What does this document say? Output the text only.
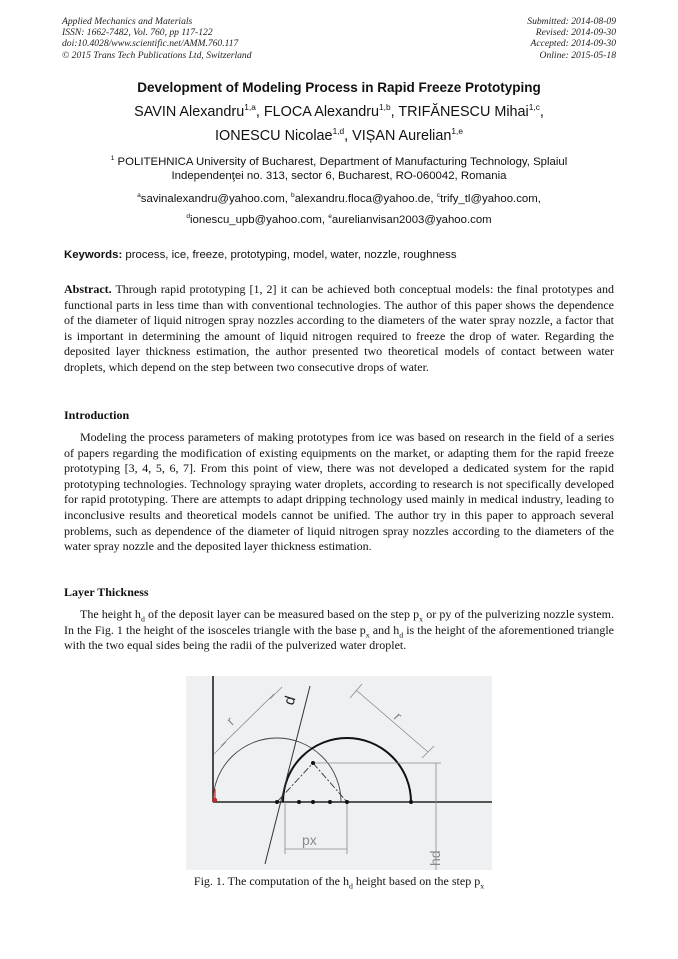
Applied Mechanics and Materials
ISSN: 1662-7482, Vol. 760, pp 117-122
doi:10.4028/www.scientific.net/AMM.760.117
© 2015 Trans Tech Publications Ltd, Switzerland
Submitted: 2014-08-09
Revised: 2014-09-30
Accepted: 2014-09-30
Online: 2015-05-18
Development of Modeling Process in Rapid Freeze Prototyping
SAVIN Alexandru$^{1,a}$, FLOCA Alexandru$^{1,b}$, TRIFĂNESCU Mihai$^{1,c}$,
IONESCU Nicolae$^{1,d}$, VIȘAN Aurelian$^{1,e}$
$^1$ POLITEHNICA University of Bucharest, Department of Manufacturing Technology, Splaiul Independenţei no. 313, sector 6, Bucharest, RO-060042, Romania
$^a$savinalexandru@yahoo.com, $^b$alexandru.floca@yahoo.de, $^c$trify_tl@yahoo.com,
$^d$ionescu_upb@yahoo.com, $^e$aurelianvisan2003@yahoo.com
Keywords: process, ice, freeze, prototyping, model, water, nozzle, roughness
Abstract. Through rapid prototyping [1, 2] it can be achieved both conceptual models: the final prototypes and functional parts in less time than with conventional technologies. The author of this paper shows the dependence of the diameter of liquid nitrogen spray nozzles according to the diameters of the water spray nozzle, a factor that is important in determining the amount of liquid nitrogen required to freeze the drop of water. Regarding the deposited layer thickness estimation, the author presented two theoretical models of contact between water droplets, which depend on the step between two consecutive drops of water.
Introduction
Modeling the process parameters of making prototypes from ice was based on research in the field of a series of papers regarding the modification of existing equipments on the market, or adapting them for the rapid freeze prototyping [3, 4, 5, 6, 7]. From this point of view, there was not developed a dedicated system for the rapid prototyping technologies. Technology spraying water droplets, according to research is not specifically developed for rapid prototyping. There are attempts to adapt dripping technology used mainly in medical industry, leading to inconclusive results and theoretical models cannot be unified. The author try in this paper to approach several problems, such as dependence of the diameter of liquid nitrogen spray nozzles according to the diameters of the water spray nozzle and the deposited layer thickness estimation.
Layer Thickness
The height $h_d$ of the deposit layer can be measured based on the step $p_x$ or py of the pulverizing nozzle system. In the Fig. 1 the height of the isosceles triangle with the base $p_x$ and $h_d$ is the height of the aforementioned triangle with the two equal sides being the radii of the pulverized water droplet.
r
d
r
px
hd
Fig. 1. The computation of the $h_d$ height based on the step $p_x$
